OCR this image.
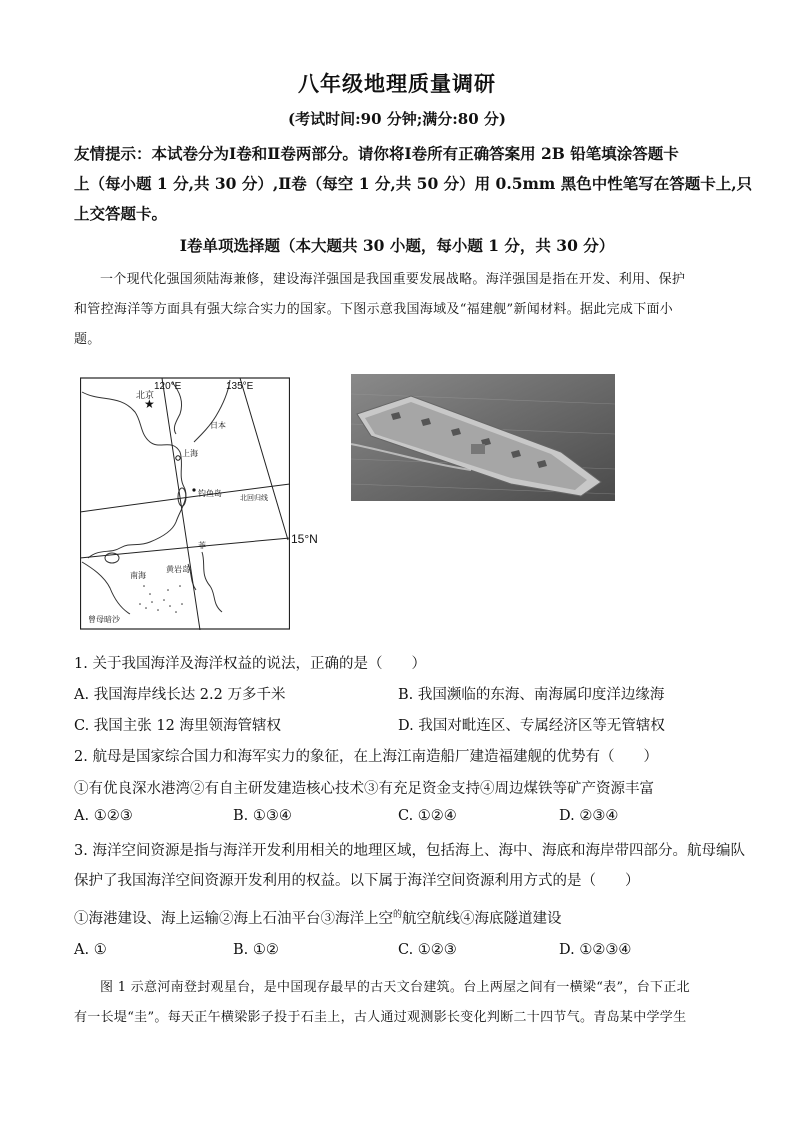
八年级地理质量调研
(考试时间:90 分钟;满分:80 分)
友情提示：本试卷分为Ⅰ卷和Ⅱ卷两部分。请你将Ⅰ卷所有正确答案用 2B 铅笔填涂答题卡
上（每小题 1 分,共 30 分）,Ⅱ卷（每空 1 分,共 50 分）用 0.5mm 黑色中性笔写在答题卡上,只
上交答题卡。
Ⅰ卷单项选择题（本大题共 30 小题，每小题 1 分，共 30 分）
一个现代化强国须陆海兼修，建设海洋强国是我国重要发展战略。海洋强国是指在开发、利用、保护
和管控海洋等方面具有强大综合实力的国家。下图示意我国海域及“福建舰”新闻材料。据此完成下面小
题。
★
120°E	135°E
北京
上海
钓鱼岛	北回归线
黄岩岛
曾母暗沙
日本
菲
南海
15°N
1. 关于我国海洋及海洋权益的说法，正确的是（　　）
A. 我国海岸线长达 2.2 万多千米	B. 我国濒临的东海、南海属印度洋边缘海
C. 我国主张 12 海里领海管辖权	D. 我国对毗连区、专属经济区等无管辖权
2. 航母是国家综合国力和海军实力的象征，在上海江南造船厂建造福建舰的优势有（　　）
①有优良深水港湾②有自主研发建造核心技术③有充足资金支持④周边煤铁等矿产资源丰富
A. ①②③	B. ①③④	C. ①②④	D. ②③④
3. 海洋空间资源是指与海洋开发利用相关的地理区域，包括海上、海中、海底和海岸带四部分。航母编队
保护了我国海洋空间资源开发利用的权益。以下属于海洋空间资源利用方式的是（　　）
①海港建设、海上运输②海上石油平台③海洋上空$^的$航空航线④海底隧道建设
A. ①	B. ①②	C. ①②③	D. ①②③④
图 1 示意河南登封观星台，是中国现存最早的古天文台建筑。台上两屋之间有一横梁“表”，台下正北
有一长堤“圭”。每天正午横梁影子投于石圭上，古人通过观测影长变化判断二十四节气。青岛某中学学生
